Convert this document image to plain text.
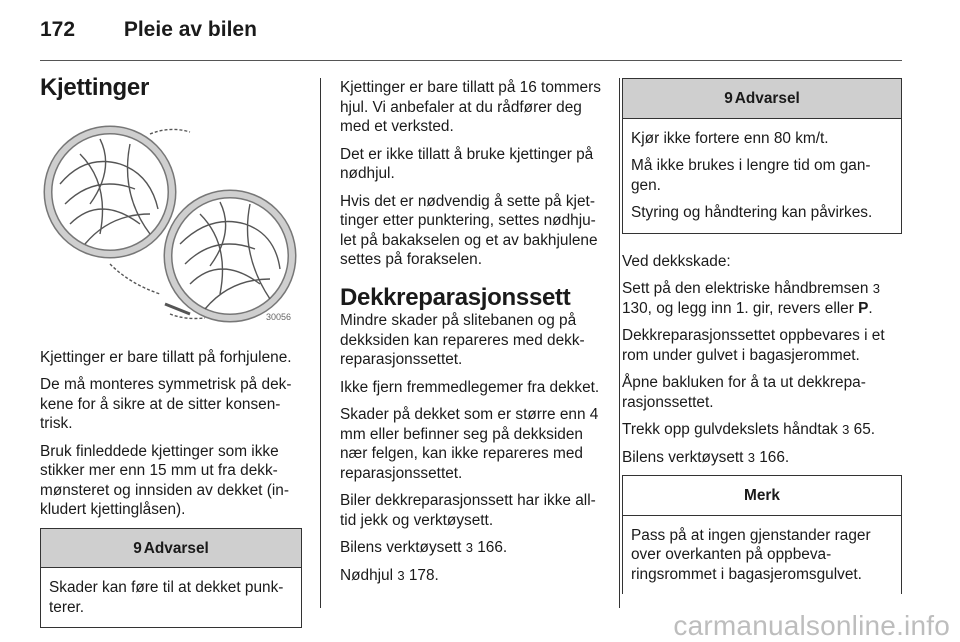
172 Pleie av bilen
Kjettinger
30056

Kjettinger er bare tillatt på forhjulene.

De må monteres symmetrisk på dekkene for å sikre at de sitter konsentrisk.

Bruk finleddede kjettinger som ikke stikker mer enn 15 mm ut fra dekkmønsteret og innsiden av dekket (inkludert kjettinglåsen).

9 Advarsel

Skader kan føre til at dekket punkterer.

Kjettinger er bare tillatt på 16 tommers hjul. Vi anbefaler at du rådfører deg med et verksted.

Det er ikke tillatt å bruke kjettinger på nødhjul.

Hvis det er nødvendig å sette på kjettinger etter punktering, settes nødhjulet på bakakselen og et av bakhjulene settes på forakselen.

Dekkreparasjonssett

Mindre skader på slitebanen og på dekksiden kan repareres med dekkreparasjonssettet.

Ikke fjern fremmedlegemer fra dekket.

Skader på dekket som er større enn 4 mm eller befinner seg på dekksiden nær felgen, kan ikke repareres med reparasjonssettet.

Biler dekkreparasjonssett har ikke alltid jekk og verktøysett.

Bilens verktøysett 3 166.

Nødhjul 3 178.

9 Advarsel

Kjør ikke fortere enn 80 km/t.

Må ikke brukes i lengre tid om gangen.

Styring og håndtering kan påvirkes.

Ved dekkskade:

Sett på den elektriske håndbremsen 3 130, og legg inn 1. gir, revers eller P.

Dekkreparasjonssettet oppbevares i et rom under gulvet i bagasjerommet.

Åpne bakluken for å ta ut dekkreparasjonssettet.

Trekk opp gulvdekslets håndtak 3 65.

Bilens verktøysett 3 166.

Merk

Pass på at ingen gjenstander rager over overkanten på oppbevaringsrommet i bagasjeromsgulvet.

carmanualsonline.info
